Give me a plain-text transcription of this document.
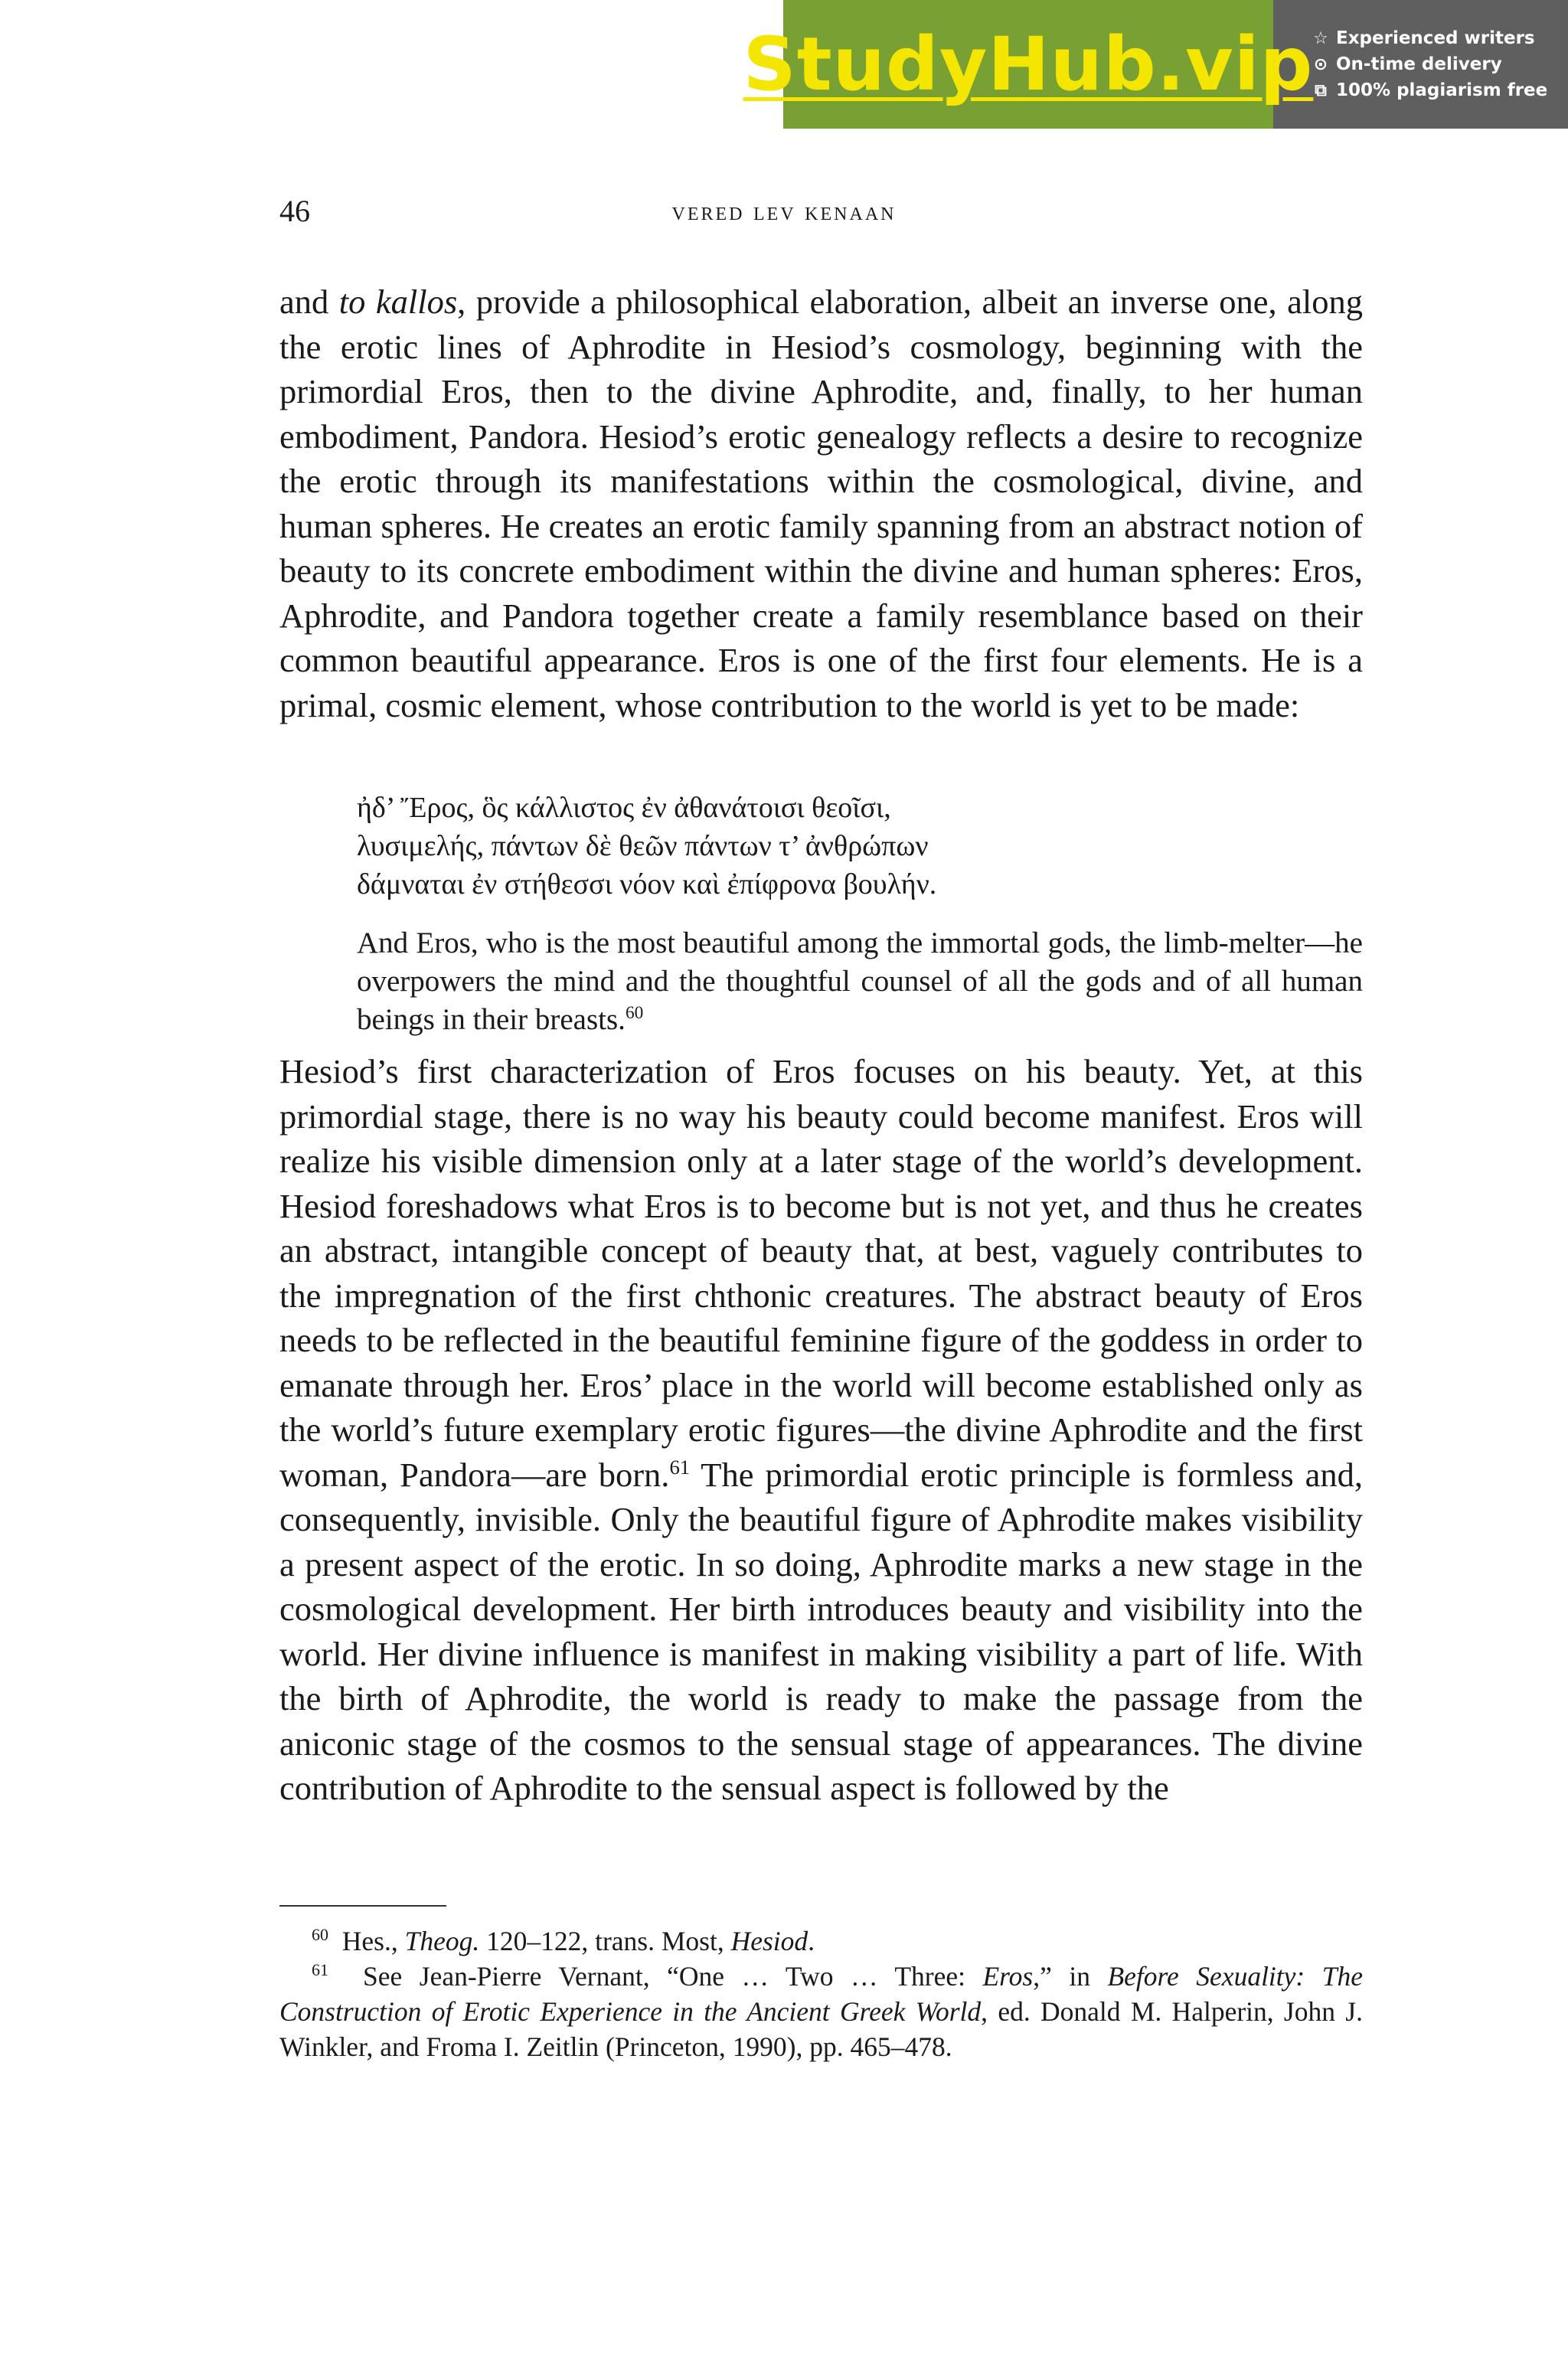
StudyHub.vip ☆ Experienced writers
⊙ On-time delivery
⧉ 100% plagiarism free
46	vered lev kenaan

and to kallos, provide a philosophical elaboration, albeit an inverse one, along the erotic lines of Aphrodite in Hesiod’s cosmology, beginning with the primordial Eros, then to the divine Aphrodite, and, finally, to her human embodiment, Pandora. Hesiod’s erotic genealogy reflects a desire to recognize the erotic through its manifestations within the cosmological, divine, and human spheres. He creates an erotic family spanning from an abstract notion of beauty to its concrete embodiment within the divine and human spheres: Eros, Aphrodite, and Pandora together create a family resemblance based on their common beautiful appearance. Eros is one of the first four elements. He is a primal, cosmic element, whose contribution to the world is yet to be made:

ἠδ’ Ἔρος, ὃς κάλλιστος ἐν ἀθανάτοισι θεοῖσι,
λυσιμελής, πάντων δὲ θεῶν πάντων τ’ ἀνθρώπων
δάμναται ἐν στήθεσσι νόον καὶ ἐπίφρονα βουλήν.
And Eros, who is the most beautiful among the immortal gods, the limb-melter—he overpowers the mind and the thoughtful counsel of all the gods and of all human beings in their breasts.$^{60}$

Hesiod’s first characterization of Eros focuses on his beauty. Yet, at this primordial stage, there is no way his beauty could become manifest. Eros will realize his visible dimension only at a later stage of the world’s development. Hesiod foreshadows what Eros is to become but is not yet, and thus he creates an abstract, intangible concept of beauty that, at best, vaguely contributes to the impregnation of the first chthonic creatures. The abstract beauty of Eros needs to be reflected in the beautiful feminine figure of the goddess in order to emanate through her. Eros’ place in the world will become established only as the world’s future exemplary erotic figures—the divine Aphrodite and the first woman, Pandora—are born.$^{61}$ The primordial erotic principle is formless and, consequently, invisible. Only the beautiful figure of Aphrodite makes visibility a present aspect of the erotic. In so doing, Aphrodite marks a new stage in the cosmological development. Her birth introduces beauty and visibility into the world. Her divine influence is manifest in making visibility a part of life. With the birth of Aphrodite, the world is ready to make the passage from the aniconic stage of the cosmos to the sensual stage of appearances. The divine contribution of Aphrodite to the sensual aspect is followed by the

$^{60}$ Hes., Theog. 120–122, trans. Most, Hesiod.

$^{61}$ See Jean-Pierre Vernant, “One … Two … Three: Eros,” in Before Sexuality: The Construction of Erotic Experience in the Ancient Greek World, ed. Donald M. Halperin, John J. Winkler, and Froma I. Zeitlin (Princeton, 1990), pp. 465–478.
